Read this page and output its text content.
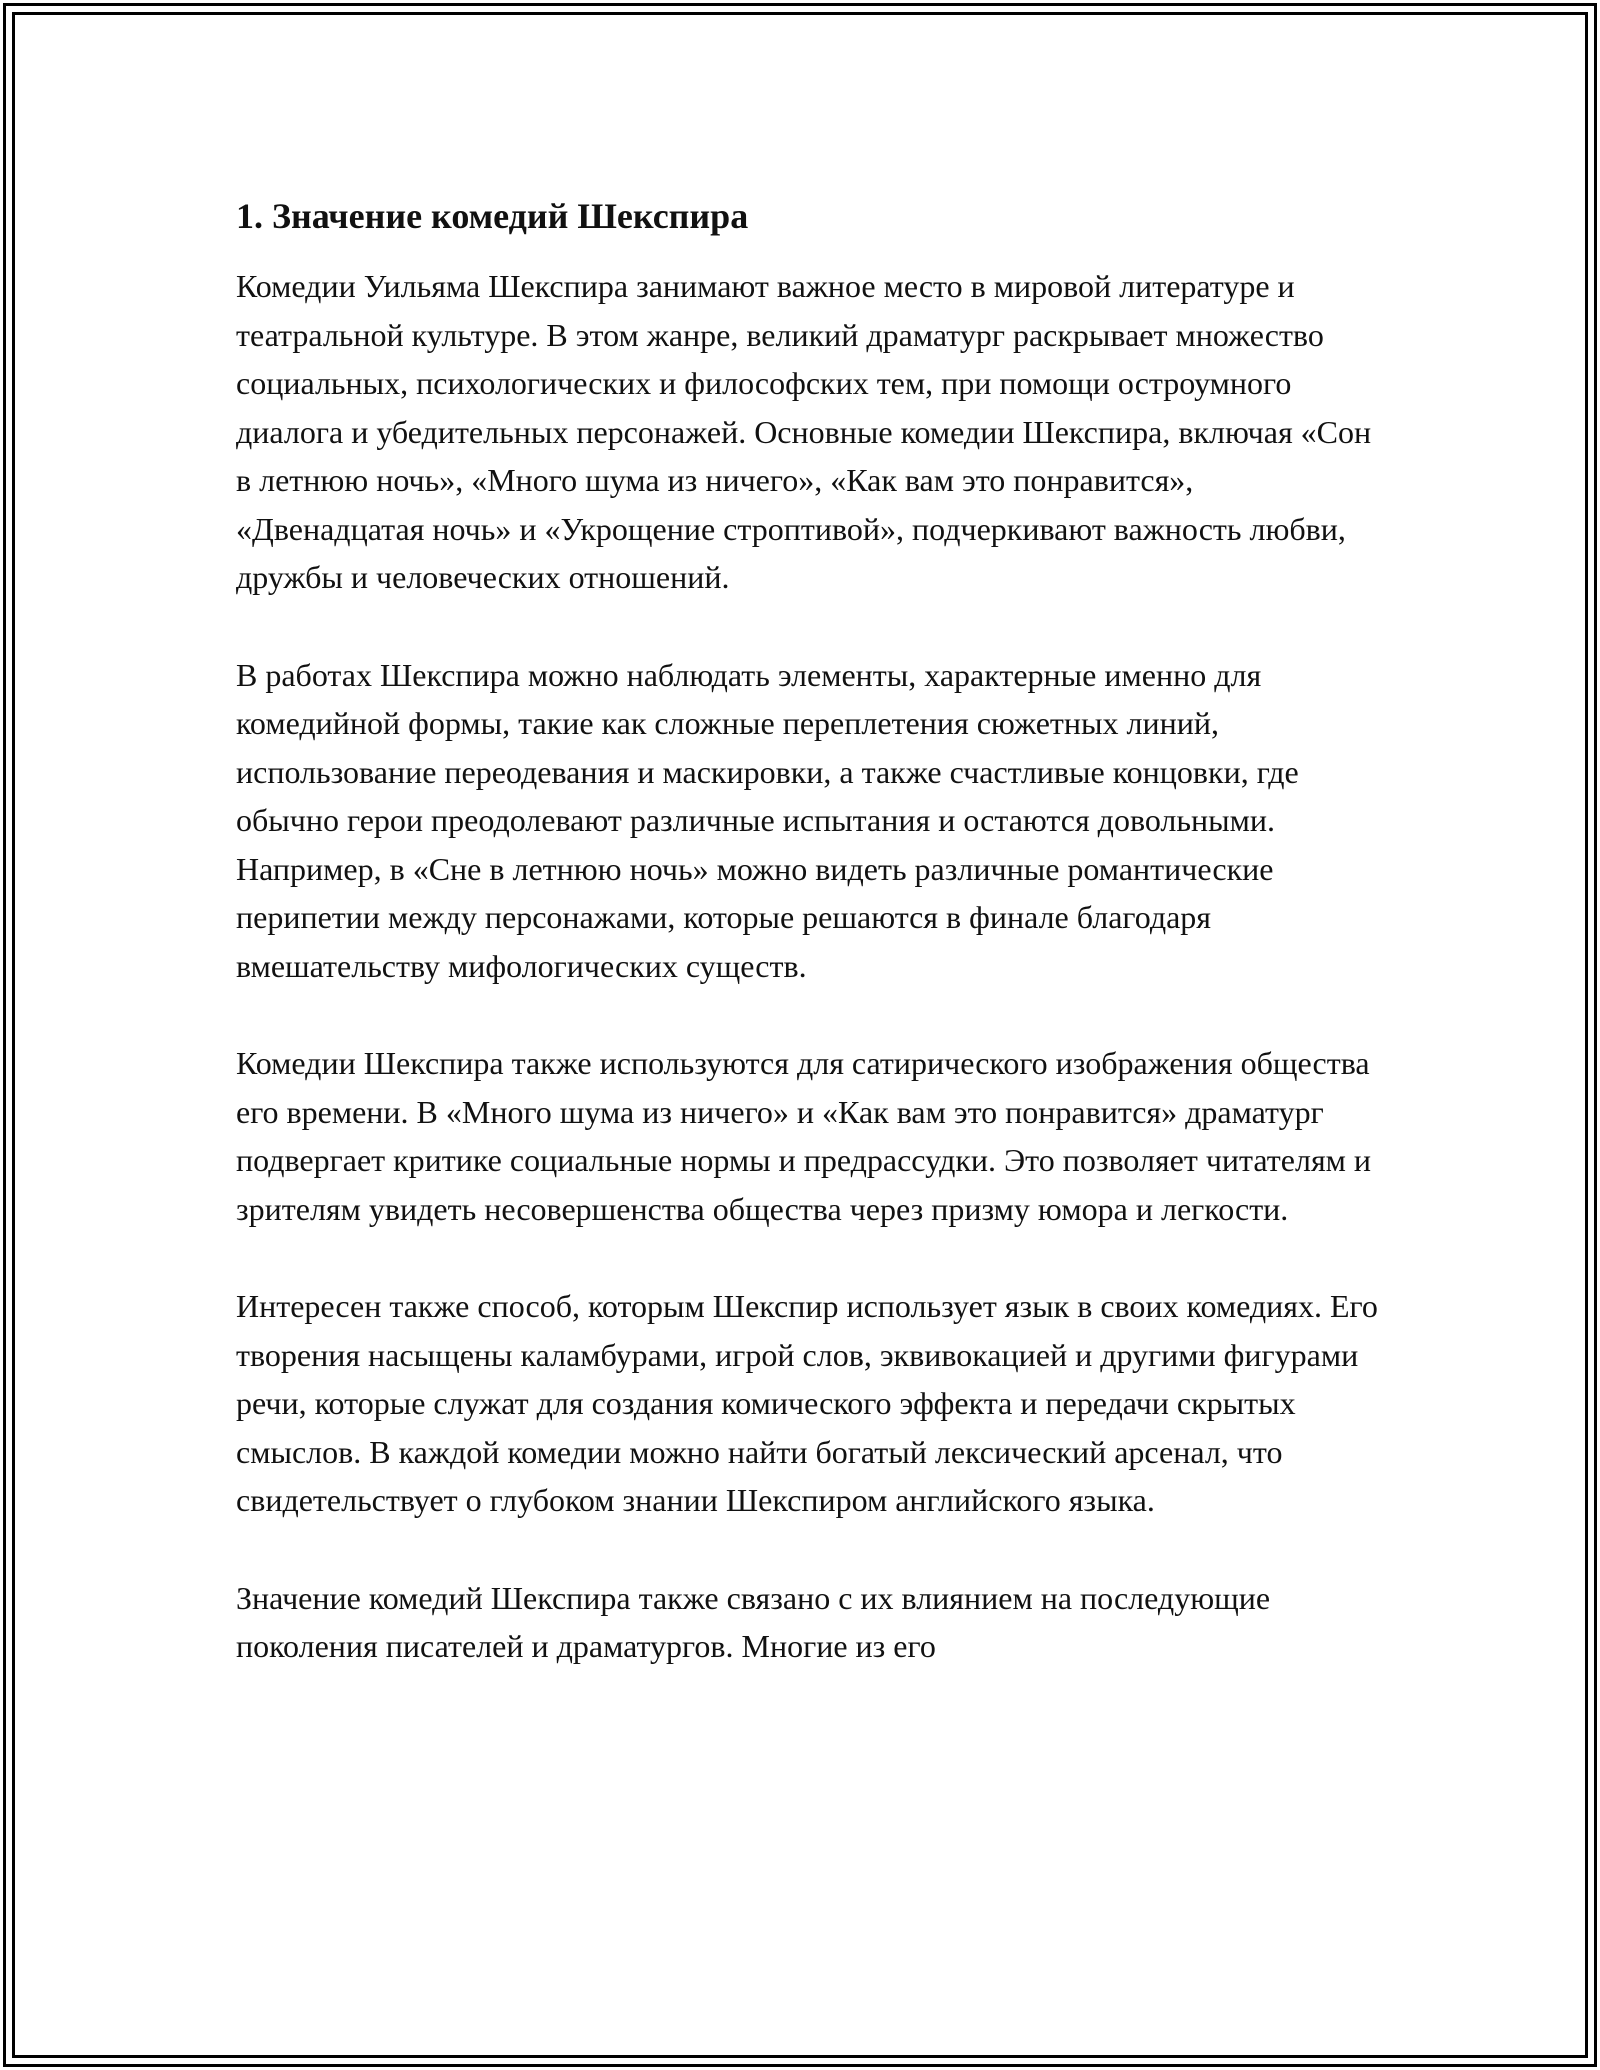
1. Значение комедий Шекспира

Комедии Уильяма Шекспира занимают важное место в мировой литературе и театральной культуре. В этом жанре, великий драматург раскрывает множество социальных, психологических и философских тем, при помощи остроумного диалога и убедительных персонажей. Основные комедии Шекспира, включая «Сон в летнюю ночь», «Много шума из ничего», «Как вам это понравится», «Двенадцатая ночь» и «Укрощение строптивой», подчеркивают важность любви, дружбы и человеческих отношений.

В работах Шекспира можно наблюдать элементы, характерные именно для комедийной формы, такие как сложные переплетения сюжетных линий, использование переодевания и маскировки, а также счастливые концовки, где обычно герои преодолевают различные испытания и остаются довольными. Например, в «Сне в летнюю ночь» можно видеть различные романтические перипетии между персонажами, которые решаются в финале благодаря вмешательству мифологических существ.

Комедии Шекспира также используются для сатирического изображения общества его времени. В «Много шума из ничего» и «Как вам это понравится» драматург подвергает критике социальные нормы и предрассудки. Это позволяет читателям и зрителям увидеть несовершенства общества через призму юмора и легкости.

Интересен также способ, которым Шекспир использует язык в своих комедиях. Его творения насыщены каламбурами, игрой слов, эквивокацией и другими фигурами речи, которые служат для создания комического эффекта и передачи скрытых смыслов. В каждой комедии можно найти богатый лексический арсенал, что свидетельствует о глубоком знании Шекспиром английского языка.

Значение комедий Шекспира также связано с их влиянием на последующие поколения писателей и драматургов. Многие из его
